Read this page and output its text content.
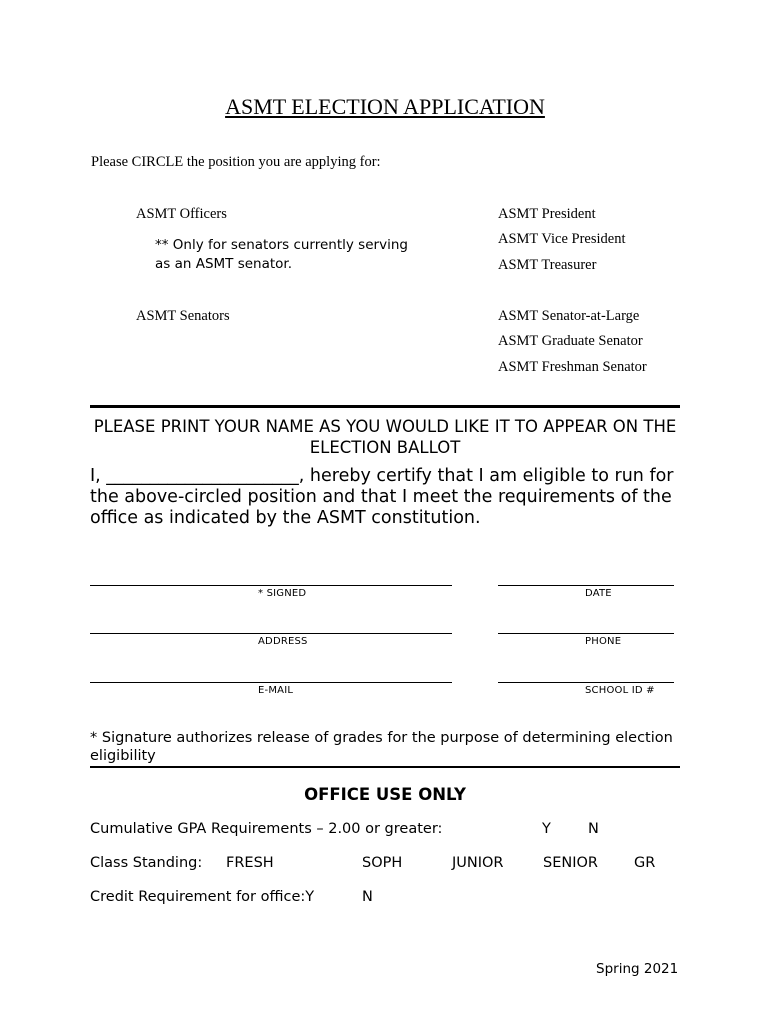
ASMT ELECTION APPLICATION
Please CIRCLE the position you are applying for:
ASMT Officers
** Only for senators currently serving as an ASMT senator.
ASMT President
ASMT Vice President
ASMT Treasurer
ASMT Senators	ASMT Senator-at-Large
ASMT Graduate Senator
ASMT Freshman Senator
PLEASE PRINT YOUR NAME AS YOU WOULD LIKE IT TO APPEAR ON THE ELECTION BALLOT
I, ______________________, hereby certify that I am eligible to run for the above-circled position and that I meet the requirements of the office as indicated by the ASMT constitution.
* SIGNED	DATE
ADDRESS	PHONE
E-MAIL	SCHOOL ID #
* Signature authorizes release of grades for the purpose of determining election eligibility
OFFICE USE ONLY
Cumulative GPA Requirements – 2.00 or greater:	Y	N
Class Standing: FRESH	SOPH	JUNIOR	SENIOR GR
Credit Requirement for office:Y	N
Spring 2021
